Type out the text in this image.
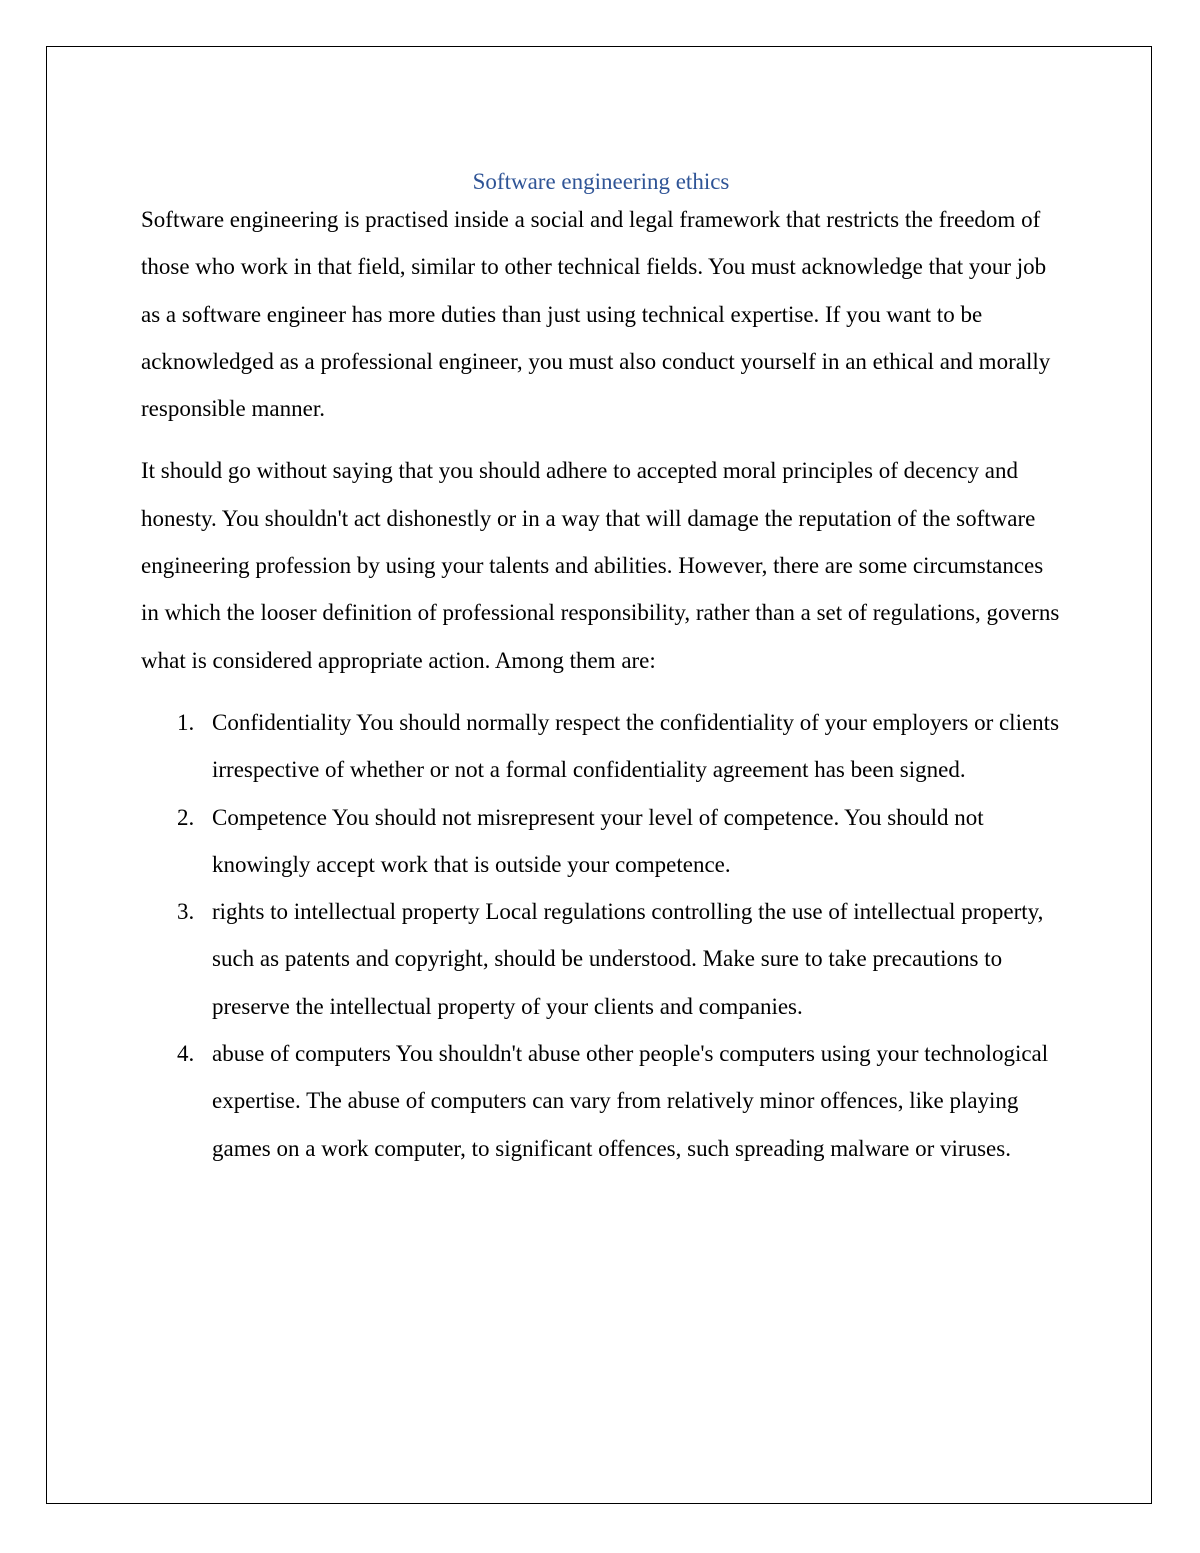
Software engineering ethics

Software engineering is practised inside a social and legal framework that restricts the freedom of those who work in that field, similar to other technical fields. You must acknowledge that your job as a software engineer has more duties than just using technical expertise. If you want to be acknowledged as a professional engineer, you must also conduct yourself in an ethical and morally responsible manner.

It should go without saying that you should adhere to accepted moral principles of decency and honesty. You shouldn't act dishonestly or in a way that will damage the reputation of the software engineering profession by using your talents and abilities. However, there are some circumstances in which the looser definition of professional responsibility, rather than a set of regulations, governs what is considered appropriate action. Among them are:

1. Confidentiality You should normally respect the confidentiality of your employers or clients irrespective of whether or not a formal confidentiality agreement has been signed.
2. Competence You should not misrepresent your level of competence. You should not knowingly accept work that is outside your competence.
3. rights to intellectual property Local regulations controlling the use of intellectual property, such as patents and copyright, should be understood. Make sure to take precautions to preserve the intellectual property of your clients and companies.
4. abuse of computers You shouldn't abuse other people's computers using your technological expertise. The abuse of computers can vary from relatively minor offences, like playing games on a work computer, to significant offences, such spreading malware or viruses.
